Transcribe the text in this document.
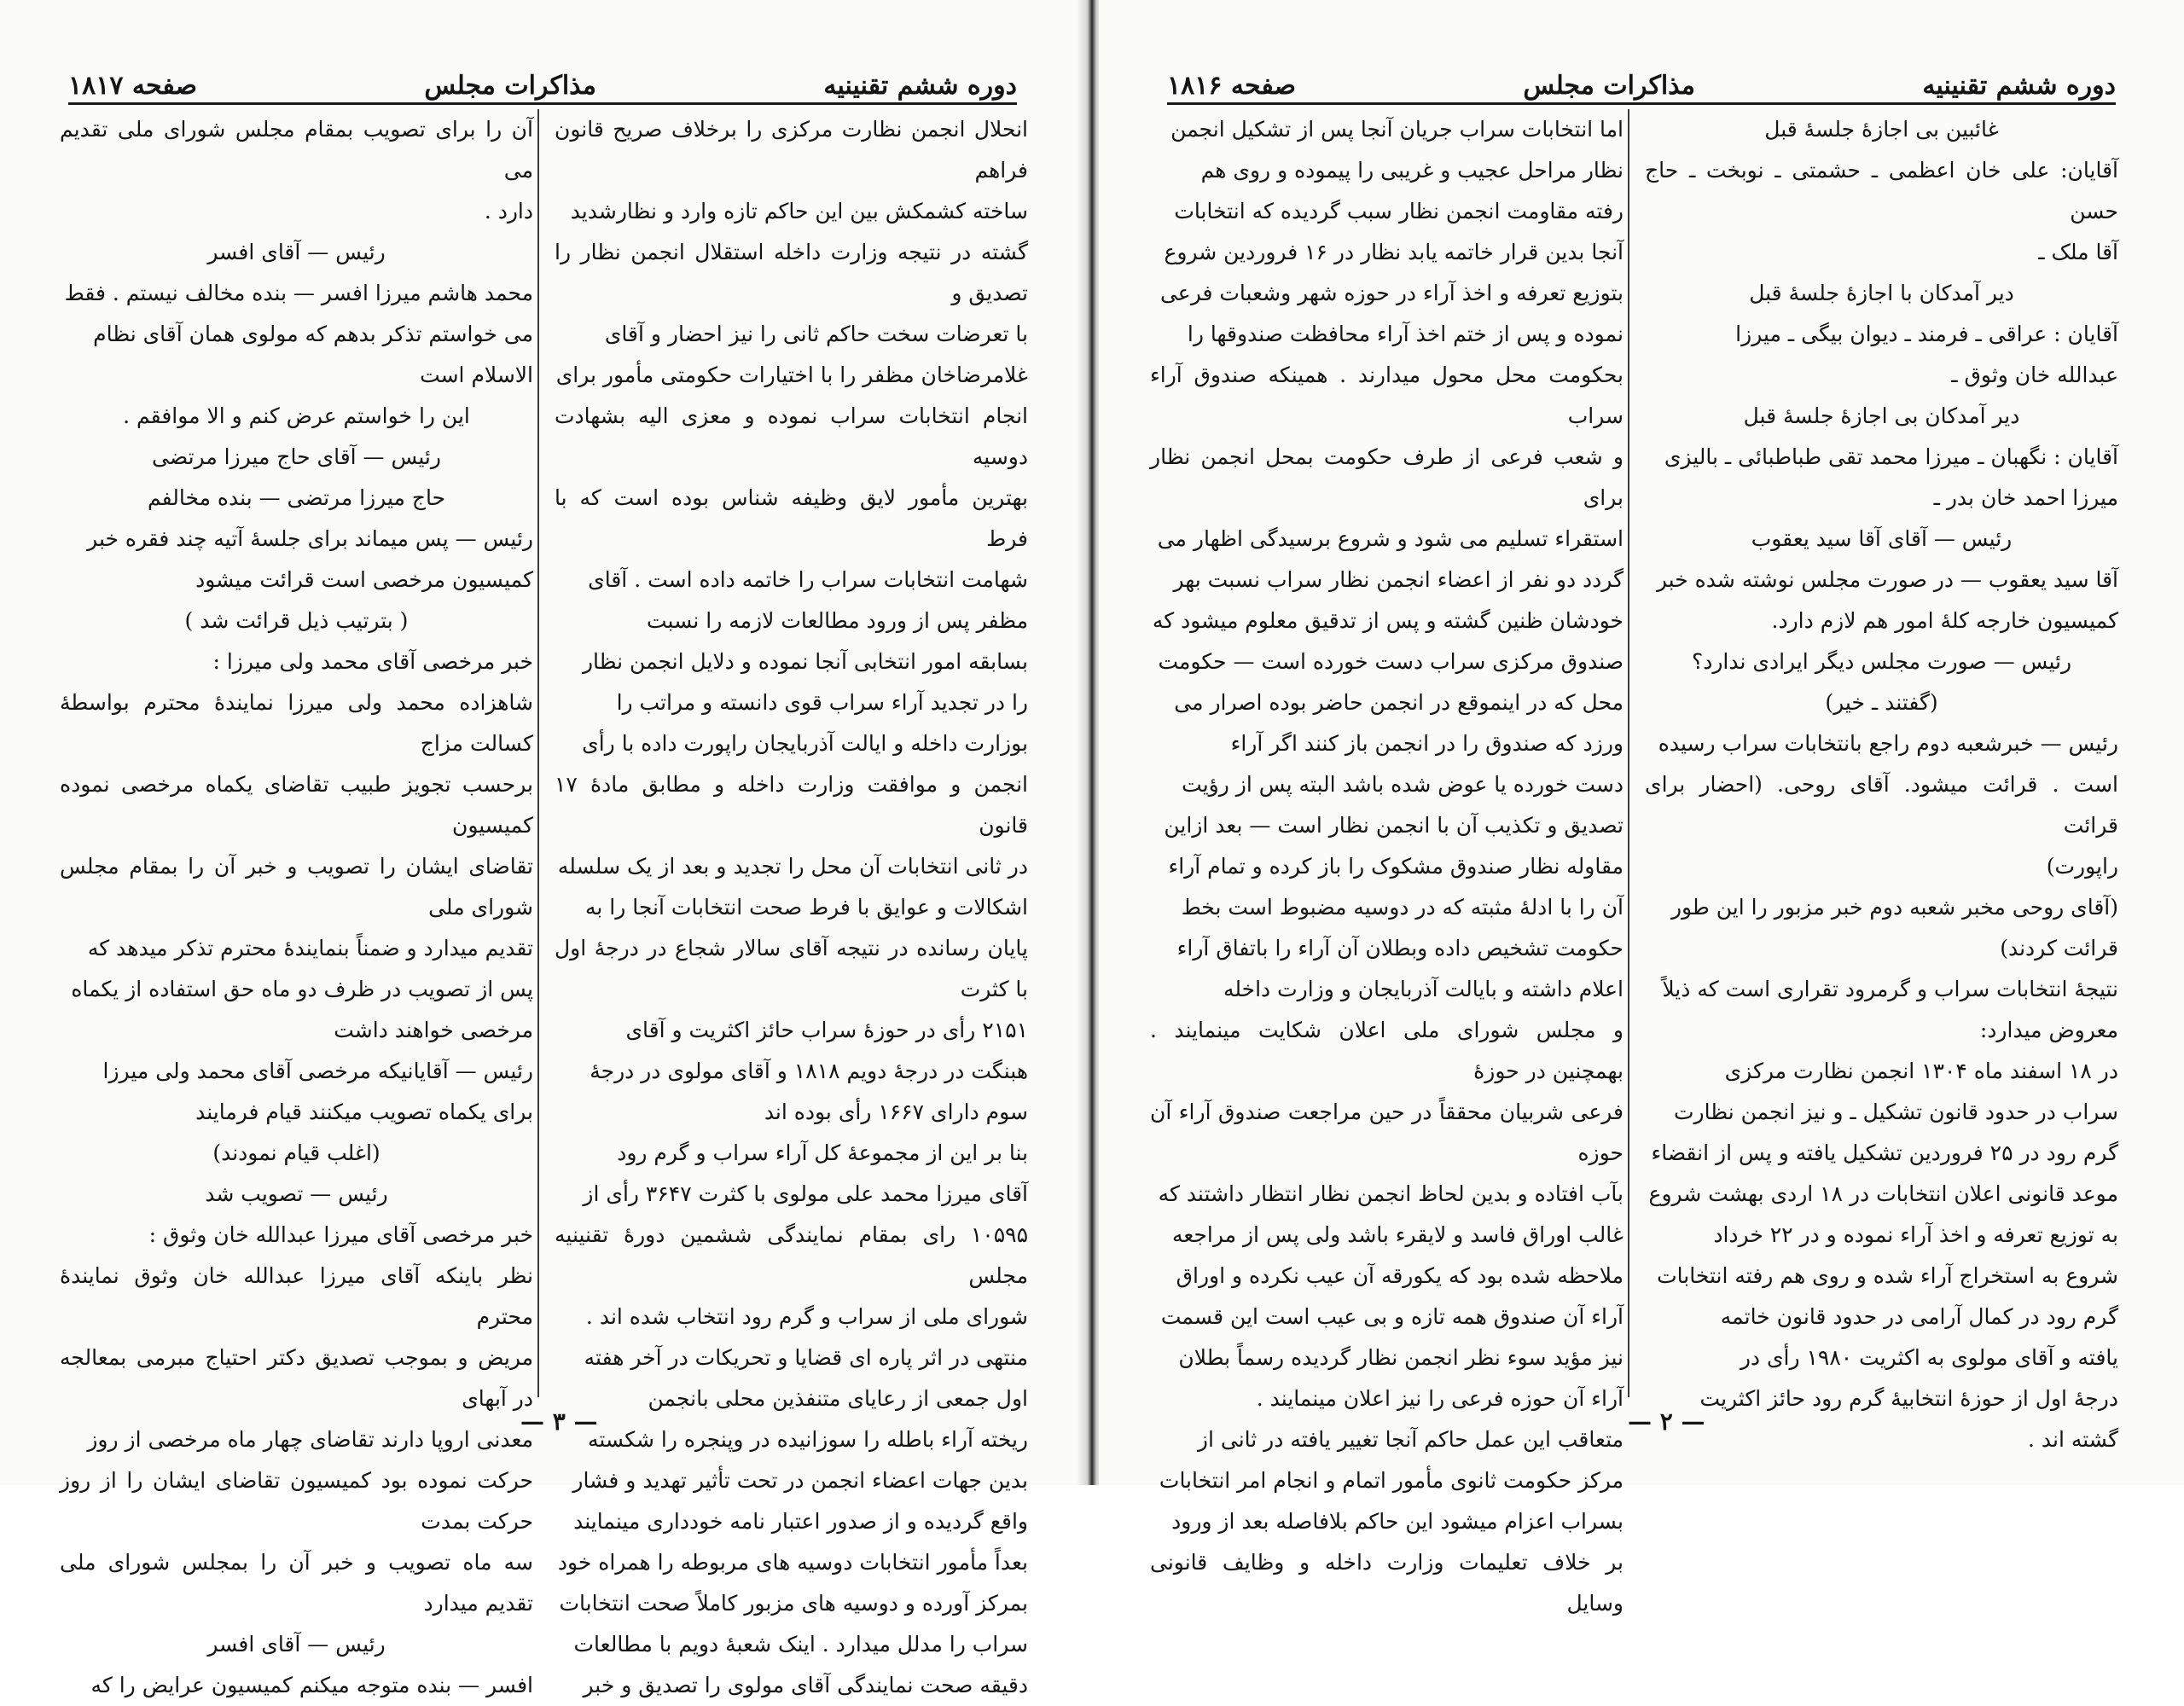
دوره ششم تقنینیه
مذاکرات مجلس
صفحه ۱۸۱۷

انحلال انجمن نظارت مرکزی را برخلاف صریح قانون فراهم

ساخته کشمکش بین این حاکم تازه وارد و نظارشدید

گشته در نتیجه وزارت داخله استقلال انجمن نظار را تصدیق و

با تعرضات سخت حاکم ثانی را نیز احضار و آقای

غلامرضاخان مظفر را با اختیارات حکومتی مأمور برای

انجام انتخابات سراب نموده و معزی الیه بشهادت دوسیه

بهترین مأمور لایق وظیفه شناس بوده است که با فرط

شهامت انتخابات سراب را خاتمه داده است . آقای

مظفر پس از ورود مطالعات لازمه را نسبت

بسابقه امور انتخابی آنجا نموده و دلایل انجمن نظار

را در تجدید آراء سراب قوی دانسته و مراتب را

بوزارت داخله و ایالت آذربایجان راپورت داده با رأی

انجمن و موافقت وزارت داخله و مطابق مادهٔ ۱۷ قانون

در ثانی انتخابات آن محل را تجدید و بعد از یک سلسله

اشکالات و عوایق با فرط صحت انتخابات آنجا را به

پایان رسانده در نتیجه آقای سالار شجاع در درجهٔ اول با کثرت

۲۱۵۱ رأی در حوزهٔ سراب حائز اکثریت و آقای

هبنگت در درجهٔ دویم ۱۸۱۸ و آقای مولوی در درجهٔ

سوم دارای ۱۶۶۷ رأی بوده اند

بنا بر این از مجموعهٔ کل آراء سراب و گرم رود

آقای میرزا محمد علی مولوی با کثرت ۳۶۴۷ رأی از

۱۰۵۹۵ رای بمقام نمایندگی ششمین دورهٔ تقنینیه مجلس

شورای ملی از سراب و گرم رود انتخاب شده اند .

منتهی در اثر پاره ای قضایا و تحریکات در آخر هفته

اول جمعی از رعایای متنفذین محلی بانجمن

ریخته آراء باطله را سوزانیده در وپنجره را شکسته

بدین جهات اعضاء انجمن در تحت تأثیر تهدید و فشار

واقع گردیده و از صدور اعتبار نامه خودداری مینمایند

بعداً مأمور انتخابات دوسیه های مربوطه را همراه خود

بمرکز آورده و دوسیه های مزبور کاملاً صحت انتخابات

سراب را مدلل میدارد . اینک شعبهٔ دویم با مطالعات

دقیقه صحت نمایندگی آقای مولوی را تصدیق و خبر

آن را برای تصویب بمقام مجلس شورای ملی تقدیم می

دارد .

رئیس — آقای افسر

محمد هاشم میرزا افسر — بنده مخالف نیستم . فقط

می خواستم تذکر بدهم که مولوی همان آقای نظام

الاسلام است

این را خواستم عرض کنم و الا موافقم .

رئیس — آقای حاج میرزا مرتضی

حاج میرزا مرتضی — بنده مخالفم

رئیس — پس میماند برای جلسهٔ آتیه چند فقره خبر

کمیسیون مرخصی است قرائت میشود

( بترتیب ذیل قرائت شد )

خبر مرخصی آقای محمد ولی میرزا :

شاهزاده محمد ولی میرزا نمایندهٔ محترم بواسطهٔ کسالت مزاج

برحسب تجویز طبیب تقاضای یکماه مرخصی نموده کمیسیون

تقاضای ایشان را تصویب و خبر آن را بمقام مجلس شورای ملی

تقدیم میدارد و ضمناً بنمایندهٔ محترم تذکر میدهد که

پس از تصویب در ظرف دو ماه حق استفاده از یکماه

مرخصی خواهند داشت

رئیس — آقایانیکه مرخصی آقای محمد ولی میرزا

برای یکماه تصویب میکنند قیام فرمایند

(اغلب قیام نمودند)

رئیس — تصویب شد

خبر مرخصی آقای میرزا عبدالله خان وثوق :

نظر باینکه آقای میرزا عبدالله خان وثوق نمایندهٔ محترم

مریض و بموجب تصدیق دکتر احتیاج مبرمی بمعالجه در آبهای

معدنی اروپا دارند تقاضای چهار ماه مرخصی از روز

حرکت نموده بود کمیسیون تقاضای ایشان را از روز حرکت بمدت

سه ماه تصویب و خبر آن را بمجلس شورای ملی تقدیم میدارد

رئیس — آقای افسر

افسر — بنده متوجه میکنم کمیسیون عرایض را که

— ۳ —
دوره ششم تقنینیه
مذاکرات مجلس
صفحه ۱۸۱۶

غائبین بی اجازهٔ جلسهٔ قبل

آقایان: علی خان اعظمی ـ حشمتی ـ نوبخت ـ حاج حسن

آقا ملک ـ

دیر آمدکان با اجازهٔ جلسهٔ قبل

آقایان : عراقی ـ فرمند ـ دیوان بیگی ـ میرزا

عبدالله خان وثوق ـ

دیر آمدکان بی اجازهٔ جلسهٔ قبل

آقایان : نگهبان ـ میرزا محمد تقی طباطبائی ـ بالیزی

میرزا احمد خان بدر ـ

رئیس — آقای آقا سید یعقوب

آقا سید یعقوب — در صورت مجلس نوشته شده خبر

کمیسیون خارجه کلهٔ امور هم لازم دارد.

رئیس — صورت مجلس دیگر ایرادی ندارد؟

(گفتند ـ خیر)

رئیس — خبرشعبه دوم راجع بانتخابات سراب رسیده

است . قرائت میشود. آقای روحی. (احضار برای قرائت

راپورت)

(آقای روحی مخبر شعبه دوم خبر مزبور را این طور

قرائت کردند)

نتیجهٔ انتخابات سراب و گرمرود تقراری است که ذیلاً

معروض میدارد:

در ۱۸ اسفند ماه ۱۳۰۴ انجمن نظارت مرکزی

سراب در حدود قانون تشکیل ـ و نیز انجمن نظارت

گرم رود در ۲۵ فروردین تشکیل یافته و پس از انقضاء

موعد قانونی اعلان انتخابات در ۱۸ اردی بهشت شروع

به توزیع تعرفه و اخذ آراء نموده و در ۲۲ خرداد

شروع به استخراج آراء شده و روی هم رفته انتخابات

گرم رود در کمال آرامی در حدود قانون خاتمه

یافته و آقای مولوی به اکثریت ۱۹۸۰ رأی در

درجهٔ اول از حوزهٔ انتخابیهٔ گرم رود حائز اکثریت

گشته اند .

اما انتخابات سراب جریان آنجا پس از تشکیل انجمن

نظار مراحل عجیب و غریبی را پیموده و روی هم

رفته مقاومت انجمن نظار سبب گردیده که انتخابات

آنجا بدین قرار خاتمه یابد نظار در ۱۶ فروردین شروع

بتوزیع تعرفه و اخذ آراء در حوزه شهر وشعبات فرعی

نموده و پس از ختم اخذ آراء محافظت صندوقها را

بحکومت محل محول میدارند . همینکه صندوق آراء سراب

و شعب فرعی از طرف حکومت بمحل انجمن نظار برای

استقراء تسلیم می شود و شروع برسیدگی اظهار می

گردد دو نفر از اعضاء انجمن نظار سراب نسبت بهر

خودشان ظنین گشته و پس از تدقیق معلوم میشود که

صندوق مرکزی سراب دست خورده است — حکومت

محل که در اینموقع در انجمن حاضر بوده اصرار می

ورزد که صندوق را در انجمن باز کنند اگر آراء

دست خورده یا عوض شده باشد البته پس از رؤیت

تصدیق و تکذیب آن با انجمن نظار است — بعد ازاین

مقاوله نظار صندوق مشکوک را باز کرده و تمام آراء

آن را با ادلهٔ مثبته که در دوسیه مضبوط است بخط

حکومت تشخیص داده وبطلان آن آراء را باتفاق آراء

اعلام داشته و بایالت آذربایجان و وزارت داخله

و مجلس شورای ملی اعلان شکایت مینمایند . بهمچنین در حوزهٔ

فرعی شربیان محققاً در حین مراجعت صندوق آراء آن حوزه

بآب افتاده و بدین لحاظ انجمن نظار انتظار داشتند که

غالب اوراق فاسد و لایقرء باشد ولی پس از مراجعه

ملاحظه شده بود که یکورقه آن عیب نکرده و اوراق

آراء آن صندوق همه تازه و بی عیب است این قسمت

نیز مؤید سوء نظر انجمن نظار گردیده رسماً بطلان

آراء آن حوزه فرعی را نیز اعلان مینمایند .

متعاقب این عمل حاکم آنجا تغییر یافته در ثانی از

مرکز حکومت ثانوی مأمور اتمام و انجام امر انتخابات

بسراب اعزام میشود این حاکم بلافاصله بعد از ورود

بر خلاف تعلیمات وزارت داخله و وظایف قانونی وسایل

— ۲ —
